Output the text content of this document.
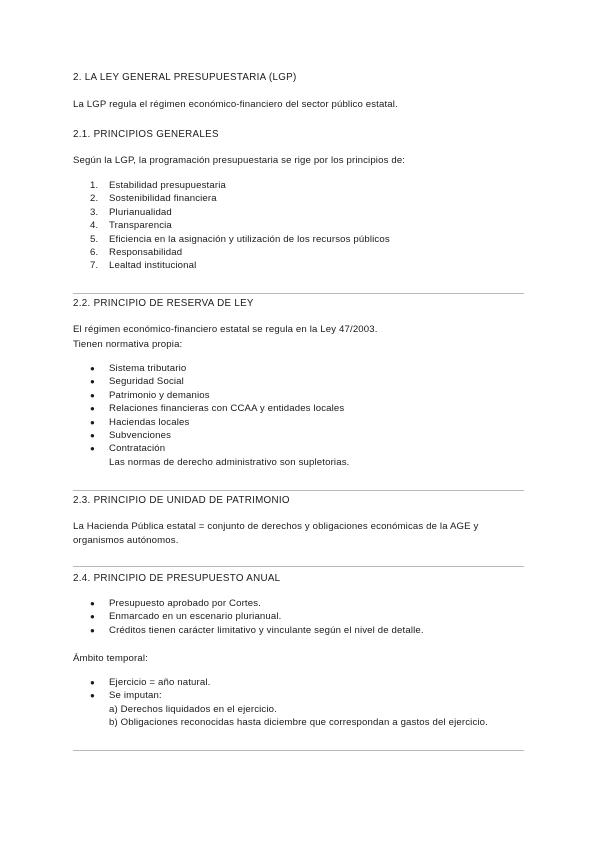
2. LA LEY GENERAL PRESUPUESTARIA (LGP)
La LGP regula el régimen económico-financiero del sector público estatal.
2.1. PRINCIPIOS GENERALES
Según la LGP, la programación presupuestaria se rige por los principios de:
1. Estabilidad presupuestaria
2. Sostenibilidad financiera
3. Plurianualidad
4. Transparencia
5. Eficiencia en la asignación y utilización de los recursos públicos
6. Responsabilidad
7. Lealtad institucional
2.2. PRINCIPIO DE RESERVA DE LEY
El régimen económico-financiero estatal se regula en la Ley 47/2003.
Tienen normativa propia:
● Sistema tributario
● Seguridad Social
● Patrimonio y demanios
● Relaciones financieras con CCAA y entidades locales
● Haciendas locales
● Subvenciones
● Contratación
Las normas de derecho administrativo son supletorias.
2.3. PRINCIPIO DE UNIDAD DE PATRIMONIO
La Hacienda Pública estatal = conjunto de derechos y obligaciones económicas de la AGE y
organismos autónomos.
2.4. PRINCIPIO DE PRESUPUESTO ANUAL
● Presupuesto aprobado por Cortes.
● Enmarcado en un escenario plurianual.
● Créditos tienen carácter limitativo y vinculante según el nivel de detalle.
Ámbito temporal:
● Ejercicio = año natural.
● Se imputan:
a) Derechos liquidados en el ejercicio.
b) Obligaciones reconocidas hasta diciembre que correspondan a gastos del ejercicio.
